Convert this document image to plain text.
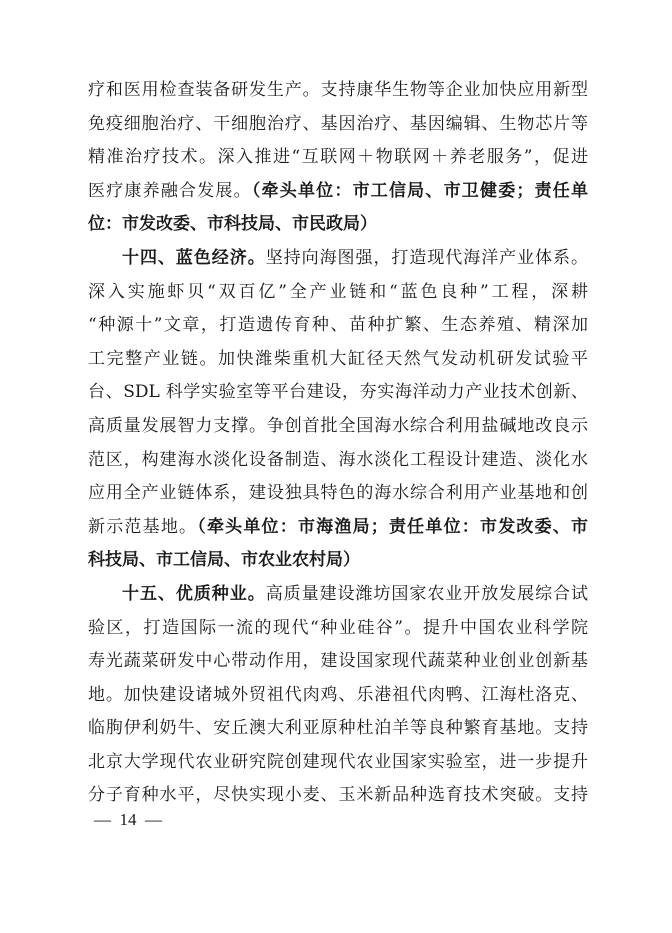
疗和医用检查装备研发生产。支持康华生物等企业加快应用新型
免疫细胞治疗、干细胞治疗、基因治疗、基因编辑、生物芯片等
精准治疗技术。深入推进“互联网＋物联网＋养老服务”，促进
医疗康养融合发展。（牵头单位：市工信局、市卫健委；责任单
位：市发改委、市科技局、市民政局）
十四、蓝色经济。坚持向海图强，打造现代海洋产业体系。
深入实施虾贝“双百亿”全产业链和“蓝色良种”工程，深耕
“种源十”文章，打造遗传育种、苗种扩繁、生态养殖、精深加
工完整产业链。加快潍柴重机大缸径天然气发动机研发试验平
台、SDL 科学实验室等平台建设，夯实海洋动力产业技术创新、
高质量发展智力支撑。争创首批全国海水综合利用盐碱地改良示
范区，构建海水淡化设备制造、海水淡化工程设计建造、淡化水
应用全产业链体系，建设独具特色的海水综合利用产业基地和创
新示范基地。（牵头单位：市海渔局；责任单位：市发改委、市
科技局、市工信局、市农业农村局）
十五、优质种业。高质量建设潍坊国家农业开放发展综合试
验区，打造国际一流的现代“种业硅谷”。提升中国农业科学院
寿光蔬菜研发中心带动作用，建设国家现代蔬菜种业创业创新基
地。加快建设诸城外贸祖代肉鸡、乐港祖代肉鸭、江海杜洛克、
临朐伊利奶牛、安丘澳大利亚原种杜泊羊等良种繁育基地。支持
北京大学现代农业研究院创建现代农业国家实验室，进一步提升
分子育种水平，尽快实现小麦、玉米新品种选育技术突破。支持
—  14  —
